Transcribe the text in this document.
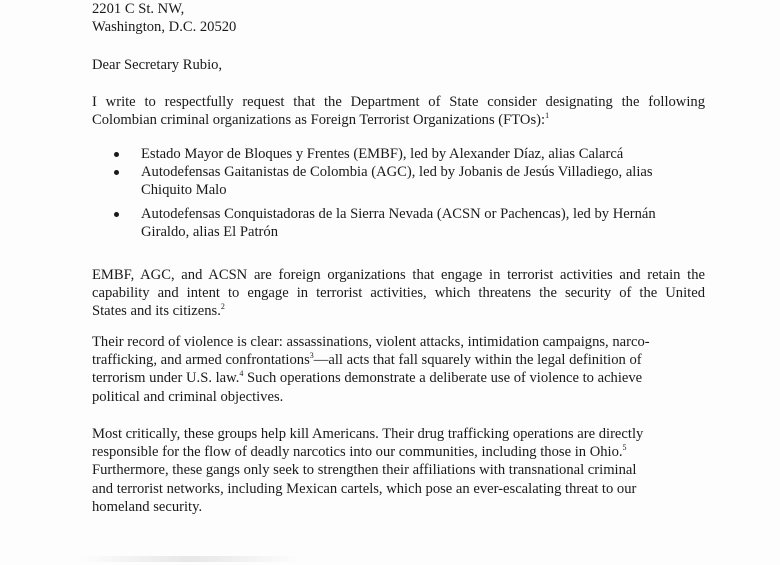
2201 C St. NW,
Washington, D.C. 20520
Dear Secretary Rubio,

I write to respectfully request that the Department of State consider designating the following
Colombian criminal organizations as Foreign Terrorist Organizations (FTOs):$^1$

Estado Mayor de Bloques y Frentes (EMBF), led by Alexander Díaz, alias Calarcá
Autodefensas Gaitanistas de Colombia (AGC), led by Jobanis de Jesús Villadiego, alias
Chiquito Malo
Autodefensas Conquistadoras de la Sierra Nevada (ACSN or Pachencas), led by Hernán
Giraldo, alias El Patrón

EMBF, AGC, and ACSN are foreign organizations that engage in terrorist activities and retain the
capability and intent to engage in terrorist activities, which threatens the security of the United
States and its citizens.$^2$

Their record of violence is clear: assassinations, violent attacks, intimidation campaigns, narco-
trafficking, and armed confrontations$^3$—all acts that fall squarely within the legal definition of
terrorism under U.S. law.$^4$ Such operations demonstrate a deliberate use of violence to achieve
political and criminal objectives.

Most critically, these groups help kill Americans. Their drug trafficking operations are directly
responsible for the flow of deadly narcotics into our communities, including those in Ohio.$^5$
Furthermore, these gangs only seek to strengthen their affiliations with transnational criminal
and terrorist networks, including Mexican cartels, which pose an ever-escalating threat to our
homeland security.
